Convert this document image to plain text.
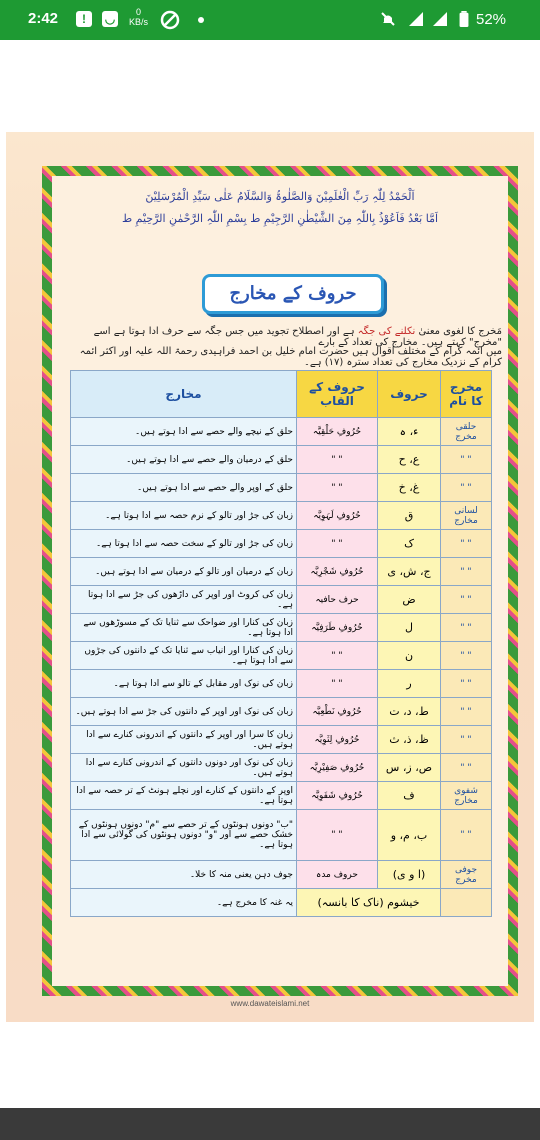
2:42	!	◡	0
KB/s	52%
اَلْحَمْدُ لِلّٰہِ رَبِّ الْعٰلَمِیْنَ وَالصَّلٰوۃُ وَالسَّلَامُ عَلٰی سَیِّدِ الْمُرْسَلِیْنَ
اَمَّا بَعْدُ فَاَعُوْذُ بِاللّٰہِ مِنَ الشَّیْطٰنِ الرَّجِیْمِ ط بِسْمِ اللّٰہِ الرَّحْمٰنِ الرَّحِیْمِ ط
حروف کے مخارج
مَخرج کا لغوی معنیٰ نکلنے کی جگہ ہے اور اصطلاح تجوید میں جس جگہ سے حرف ادا ہوتا ہے اسے "مخرج" کہتے ہیں۔ مخارج کی تعداد کے بارے
میں ائمہ کرام کے مختلف اقوال ہیں حضرت امام خلیل بن احمد فراہیدی رحمۃ اللہ علیہ اور اکثر ائمہ کرام کے نزدیک مخارج کی تعداد سترہ (١٧) ہے۔
مخرج کا نام	حروف	حروف کے القاب	مخارج
حلقی مخرج	ء، ہ	حُرُوفِ حَلْقِیَّہ	حلق کے نیچے والے حصے سے ادا ہوتے ہیں۔
" "	ع، ح	" "	حلق کے درمیان والے حصے سے ادا ہوتے ہیں۔
" "	غ، خ	" "	حلق کے اوپر والے حصے سے ادا ہوتے ہیں۔
لسانی مخارج	ق	حُرُوفِ لَہَوِیَّہ	زبان کی جڑ اور تالو کے نرم حصہ سے ادا ہوتا ہے۔
" "	ک	" "	زبان کی جڑ اور تالو کے سخت حصہ سے ادا ہوتا ہے۔
" "	ج، ش، ی	حُرُوفِ شَجْرِیَّہ	زبان کے درمیان اور تالو کے درمیان سے ادا ہوتے ہیں۔
" "	ض	حرف حافیہ	زبان کی کروٹ اور اوپر کی داڑھوں کی جڑ سے ادا ہوتا ہے۔
" "	ل	حُرُوفِ طَرَفِیَّہ	زبان کی کنارا اور ضواحک سے ثنایا تک کے مسوڑھوں سے ادا ہوتا ہے۔
" "	ن	" "	زبان کی کنارا اور انیاب سے ثنایا تک کے دانتوں کی جڑوں سے ادا ہوتا ہے۔
" "	ر	" "	زبان کی نوک اور مقابل کے تالو سے ادا ہوتا ہے۔
" "	ط، د، ت	حُرُوفِ نَطْعِیَّہ	زبان کی نوک اور اوپر کے دانتوں کی جڑ سے ادا ہوتے ہیں۔
" "	ظ، ذ، ث	حُرُوفِ لِثَوِیَّہ	زبان کا سرا اور اوپر کے دانتوں کے اندرونی کنارے سے ادا ہوتے ہیں۔
" "	ص، ز، س	حُرُوفِ صَفِیْرِیَّہ	زبان کی نوک اور دونوں دانتوں کے اندرونی کنارے سے ادا ہوتے ہیں۔
شفوی مخارج	ف	حُرُوفِ شَفَوِیَّہ	اوپر کے دانتوں کے کنارے اور نچلے ہونٹ کے تر حصہ سے ادا ہوتا ہے۔
" "	ب، م، و	" "	"ب" دونوں ہونٹوں کے تر حصے سے "م" دونوں ہونٹوں کے خشک حصے سے اور "و" دونوں ہونٹوں کی گولائی سے ادا ہوتا ہے۔
جوفی مخرج	(ا و ی)	حروف مدہ	جوف دہن یعنی منہ کا خلا۔
	خیشوم (ناک کا بانسہ)		یہ غنہ کا مخرج ہے۔
www.dawateislami.net
